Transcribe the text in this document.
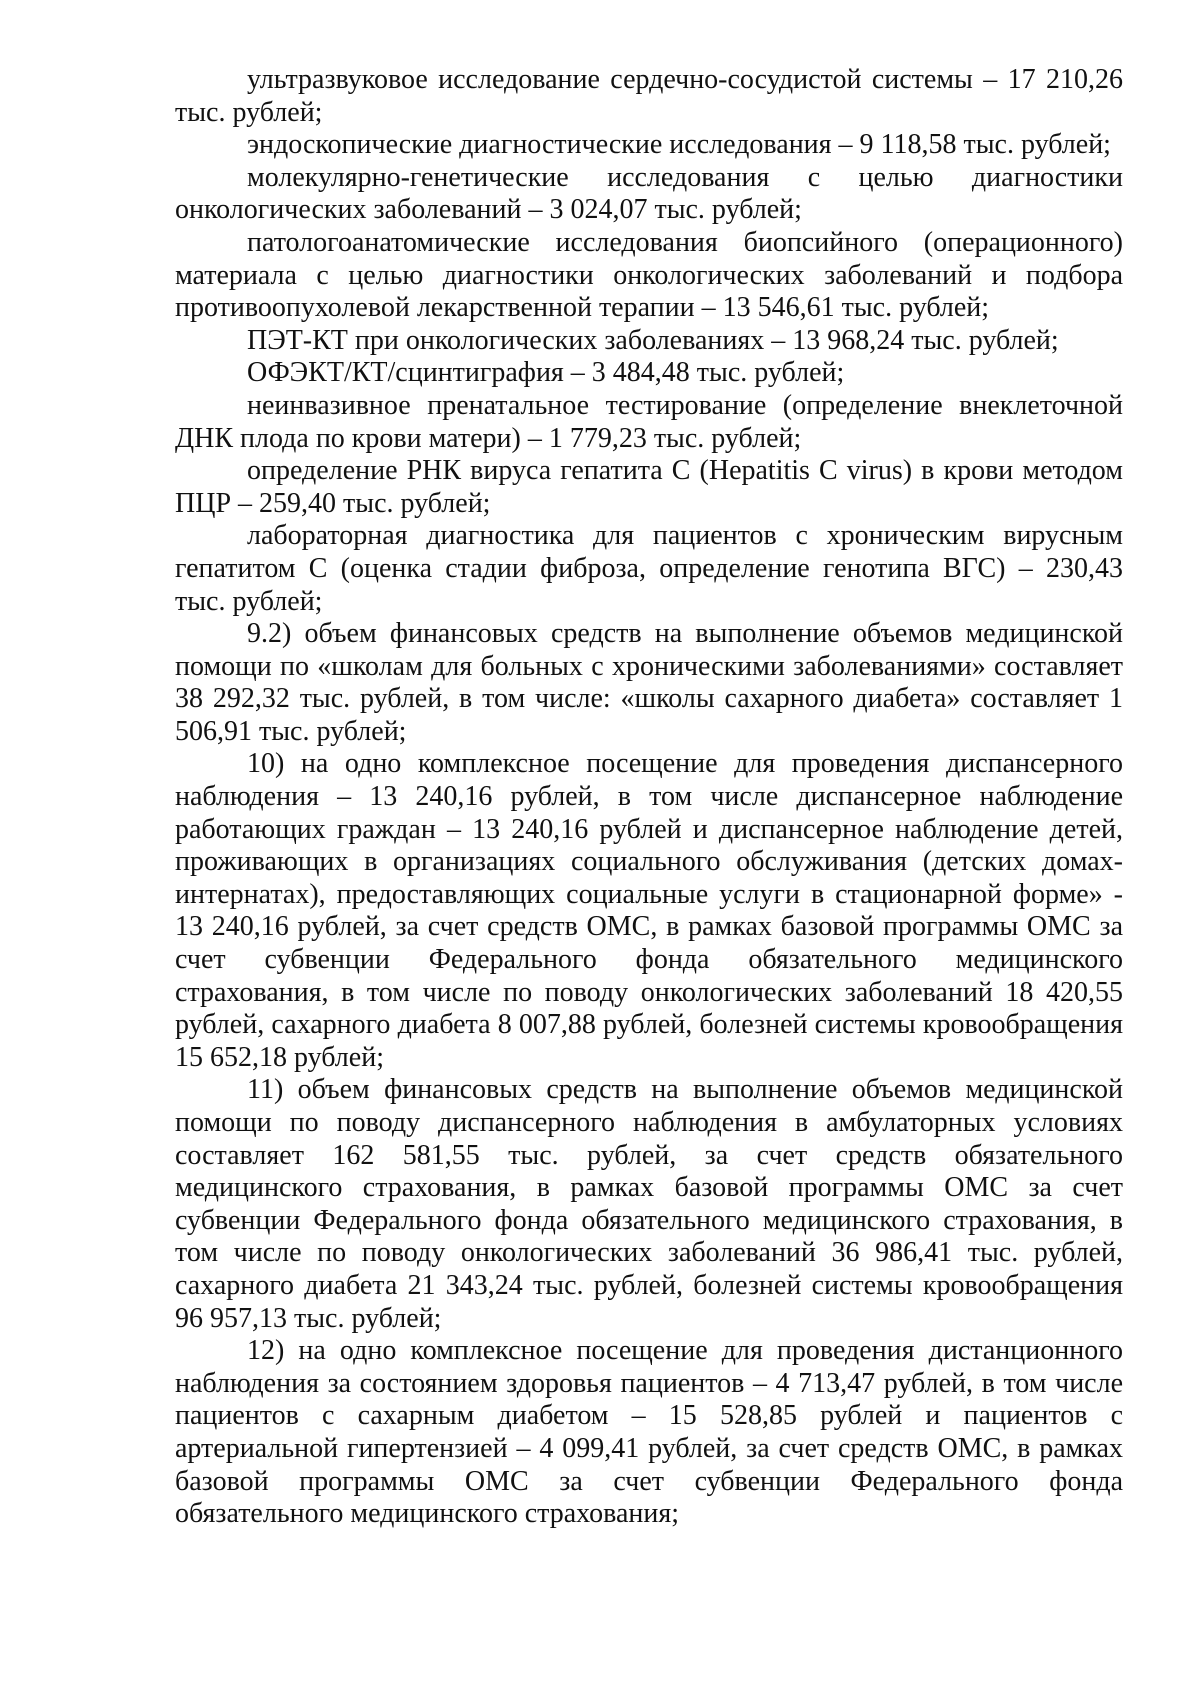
ультразвуковое исследование сердечно-сосудистой системы – 17 210,26 тыс. рублей;

эндоскопические диагностические исследования – 9 118,58 тыс. рублей;

молекулярно-генетические исследования с целью диагностики онкологических заболеваний – 3 024,07 тыс. рублей;

патологоанатомические исследования биопсийного (операционного) материала с целью диагностики онкологических заболеваний и подбора противоопухолевой лекарственной терапии – 13 546,61 тыс. рублей;

ПЭТ-КТ при онкологических заболеваниях – 13 968,24 тыс. рублей;

ОФЭКТ/КТ/сцинтиграфия – 3 484,48 тыс. рублей;

неинвазивное пренатальное тестирование (определение внеклеточной ДНК плода по крови матери) – 1 779,23 тыс. рублей;

определение РНК вируса гепатита С (Hepatitis C virus) в крови методом ПЦР – 259,40 тыс. рублей;

лабораторная диагностика для пациентов с хроническим вирусным гепатитом С (оценка стадии фиброза, определение генотипа ВГС) – 230,43 тыс. рублей;

9.2) объем финансовых средств на выполнение объемов медицинской помощи по «школам для больных с хроническими заболеваниями» составляет 38 292,32 тыс. рублей, в том числе: «школы сахарного диабета» составляет 1 506,91 тыс. рублей;

10) на одно комплексное посещение для проведения диспансерного наблюдения – 13 240,16 рублей, в том числе диспансерное наблюдение работающих граждан – 13 240,16 рублей и диспансерное наблюдение детей, проживающих в организациях социального обслуживания (детских домах-интернатах), предоставляющих социальные услуги в стационарной форме» - 13 240,16 рублей, за счет средств ОМС, в рамках базовой программы ОМС за счет субвенции Федерального фонда обязательного медицинского страхования, в том числе по поводу онкологических заболеваний 18 420,55 рублей, сахарного диабета 8 007,88 рублей, болезней системы кровообращения 15 652,18 рублей;

11) объем финансовых средств на выполнение объемов медицинской помощи по поводу диспансерного наблюдения в амбулаторных условиях составляет 162 581,55 тыс. рублей, за счет средств обязательного медицинского страхования, в рамках базовой программы ОМС за счет субвенции Федерального фонда обязательного медицинского страхования, в том числе по поводу онкологических заболеваний 36 986,41 тыс. рублей, сахарного диабета 21 343,24 тыс. рублей, болезней системы кровообращения 96 957,13 тыс. рублей;

12) на одно комплексное посещение для проведения дистанционного наблюдения за состоянием здоровья пациентов – 4 713,47 рублей, в том числе пациентов с сахарным диабетом – 15 528,85 рублей и пациентов с артериальной гипертензией – 4 099,41 рублей, за счет средств ОМС, в рамках базовой программы ОМС за счет субвенции Федерального фонда обязательного медицинского страхования;
